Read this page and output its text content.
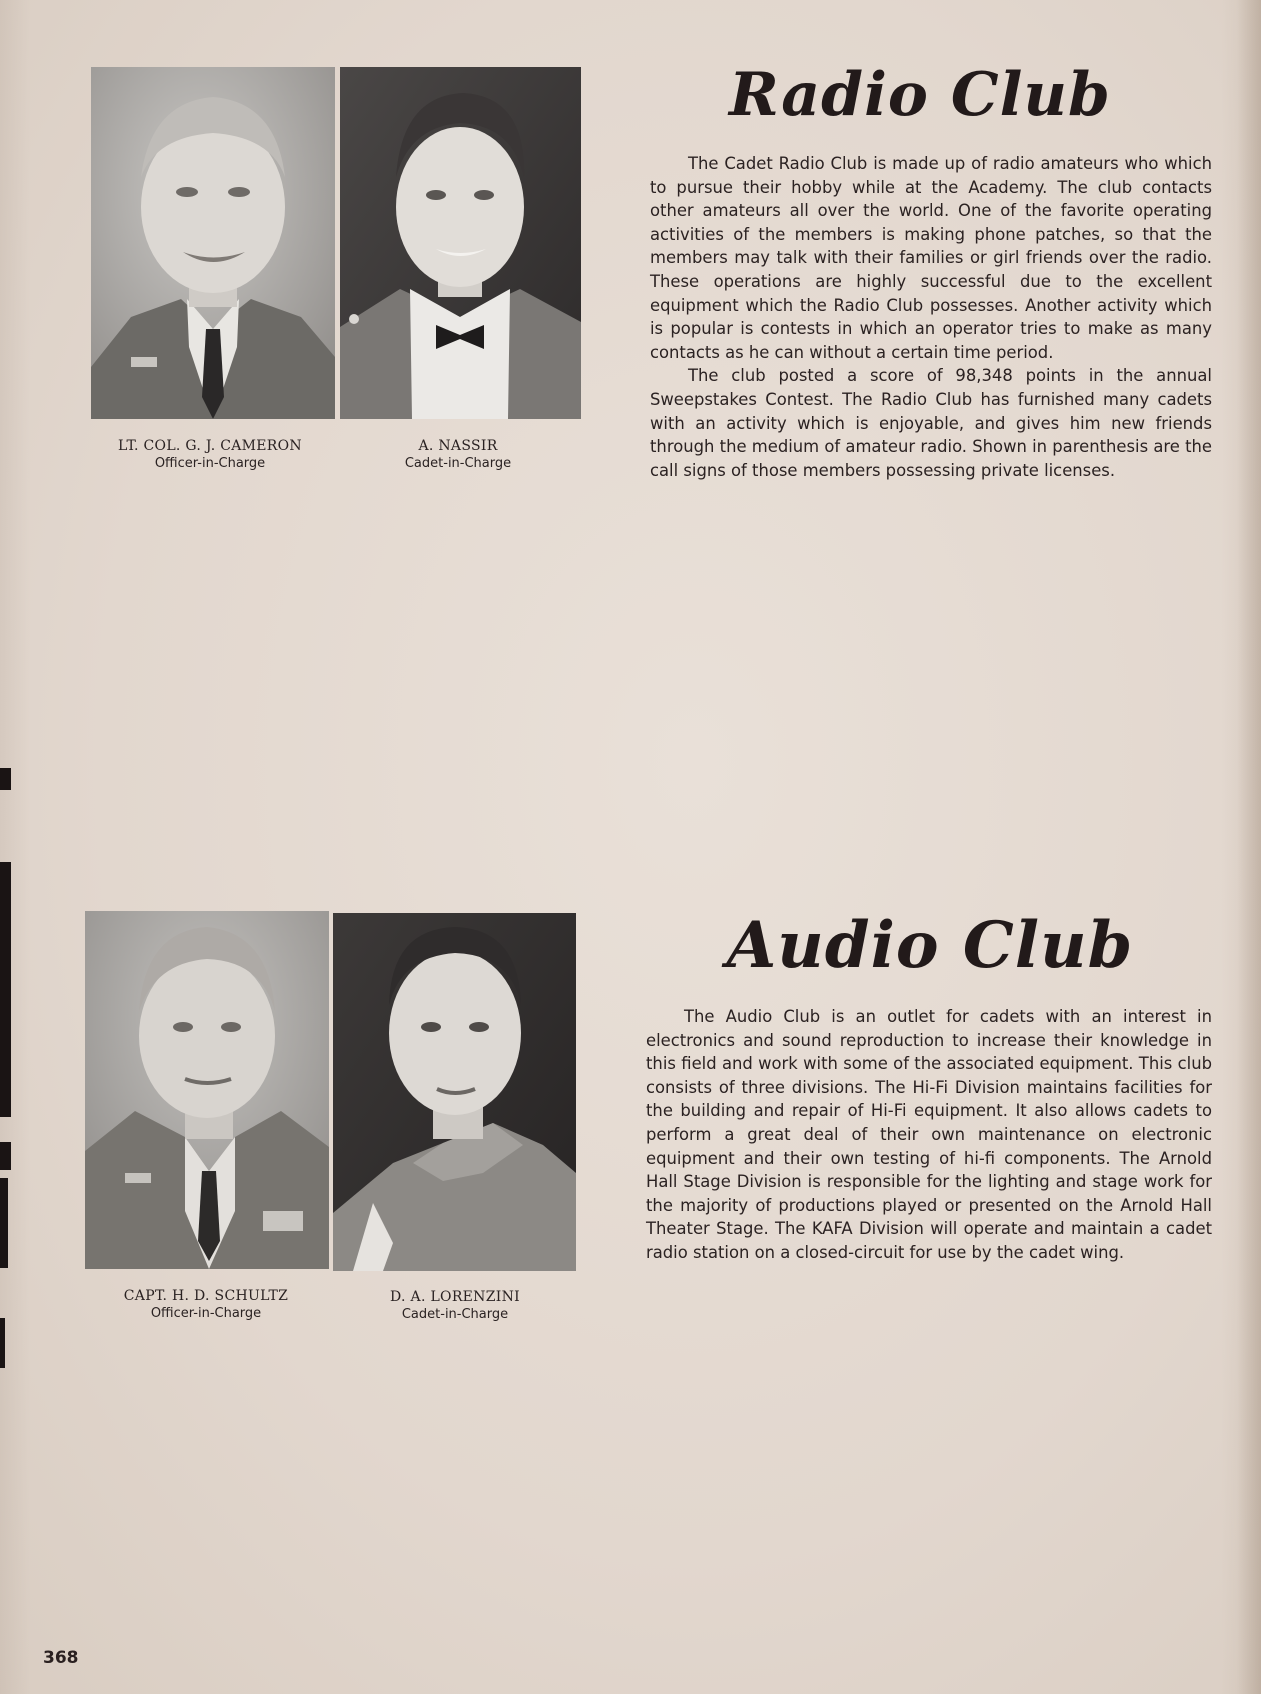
LT. COL. G. J. CAMERON
Officer-in-Charge
A. NASSIR
Cadet-in-Charge
Radio Club

The Cadet Radio Club is made up of radio amateurs who which to pursue their hobby while at the Academy. The club contacts other amateurs all over the world. One of the favorite operating activities of the members is making phone patches, so that the members may talk with their families or girl friends over the radio. These operations are highly successful due to the excellent equipment which the Radio Club possesses. Another activity which is popular is contests in which an operator tries to make as many contacts as he can without a certain time period.

The club posted a score of 98,348 points in the annual Sweepstakes Contest. The Radio Club has furnished many cadets with an activity which is enjoyable, and gives him new friends through the medium of amateur radio. Shown in parenthesis are the call signs of those members possessing private licenses.

CAPT. H. D. SCHULTZ
Officer-in-Charge
D. A. LORENZINI
Cadet-in-Charge
Audio Club

The Audio Club is an outlet for cadets with an interest in electronics and sound reproduction to increase their knowledge in this field and work with some of the associated equipment. This club consists of three divisions. The Hi-Fi Division maintains facilities for the building and repair of Hi-Fi equipment. It also allows cadets to perform a great deal of their own maintenance on electronic equipment and their own testing of hi-fi components. The Arnold Hall Stage Division is responsible for the lighting and stage work for the majority of productions played or presented on the Arnold Hall Theater Stage. The KAFA Division will operate and maintain a cadet radio station on a closed-circuit for use by the cadet wing.

368
